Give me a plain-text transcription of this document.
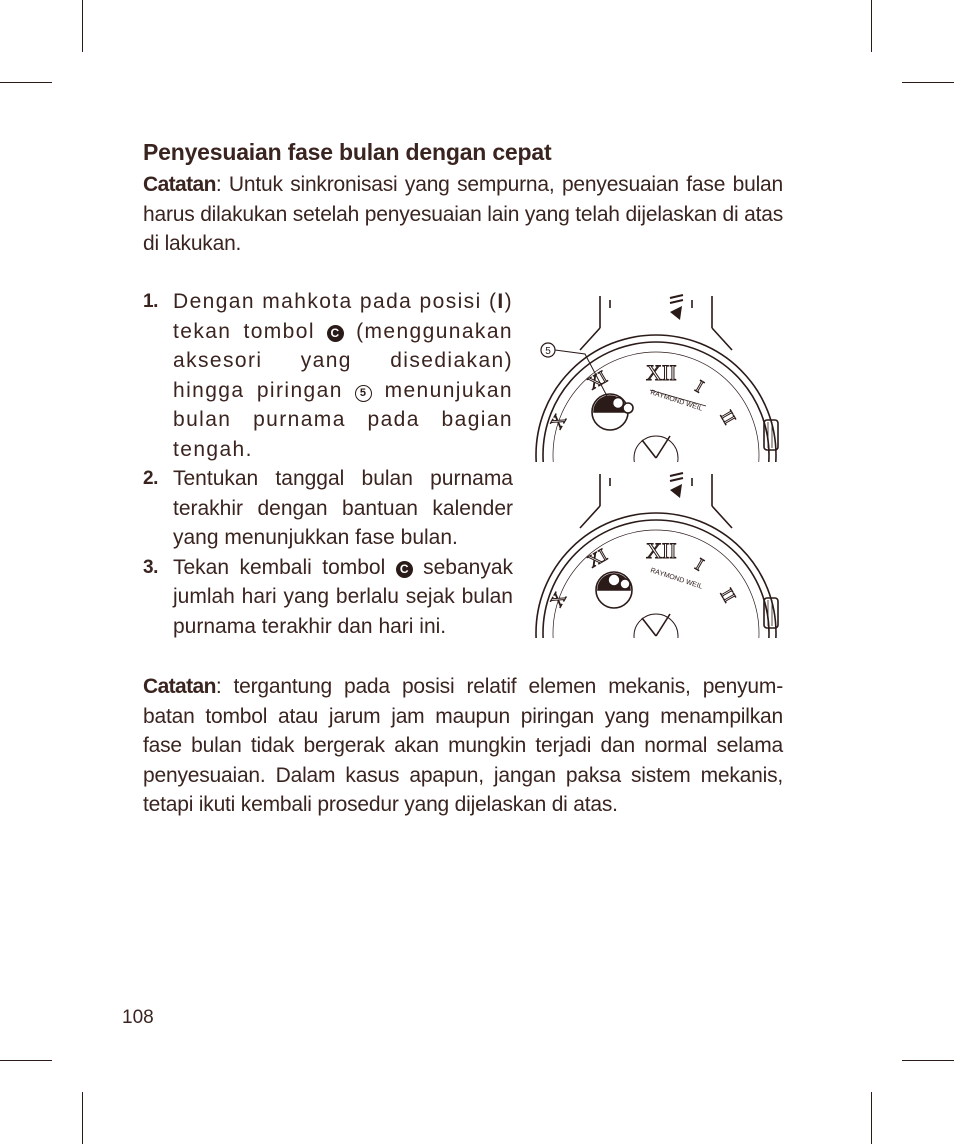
Penyesuaian fase bulan dengan cepat

Catatan: Untuk sinkronisasi yang sempurna, penyesuaian fase bulan harus dilakukan setelah penyesuaian lain yang telah dijelaskan di atas di lakukan.

1. Dengan mahkota pada posisi (I) tekan tombol C (menggunakan aksesori yang disediakan) hingga piringan 5 menunjukan bulan purnama pada bagian tengah.
2. Tentukan tanggal bulan purnama terakhir dengan bantuan kalender yang menunjukkan fase bulan.
3. Tekan kembali tombol C sebanyak jumlah hari yang berlalu sejak bulan purnama terakhir dan hari ini.
XII
I
II
XI
X
RAYMOND WEIL
5
XII
I
II
XI
X
RAYMOND WEIL

Catatan: tergantung pada posisi relatif elemen mekanis, penyum-batan tombol atau jarum jam maupun piringan yang menampilkan fase bulan tidak bergerak akan mungkin terjadi dan normal selama penyesuaian. Dalam kasus apapun, jangan paksa sistem mekanis, tetapi ikuti kembali prosedur yang dijelaskan di atas.

108
